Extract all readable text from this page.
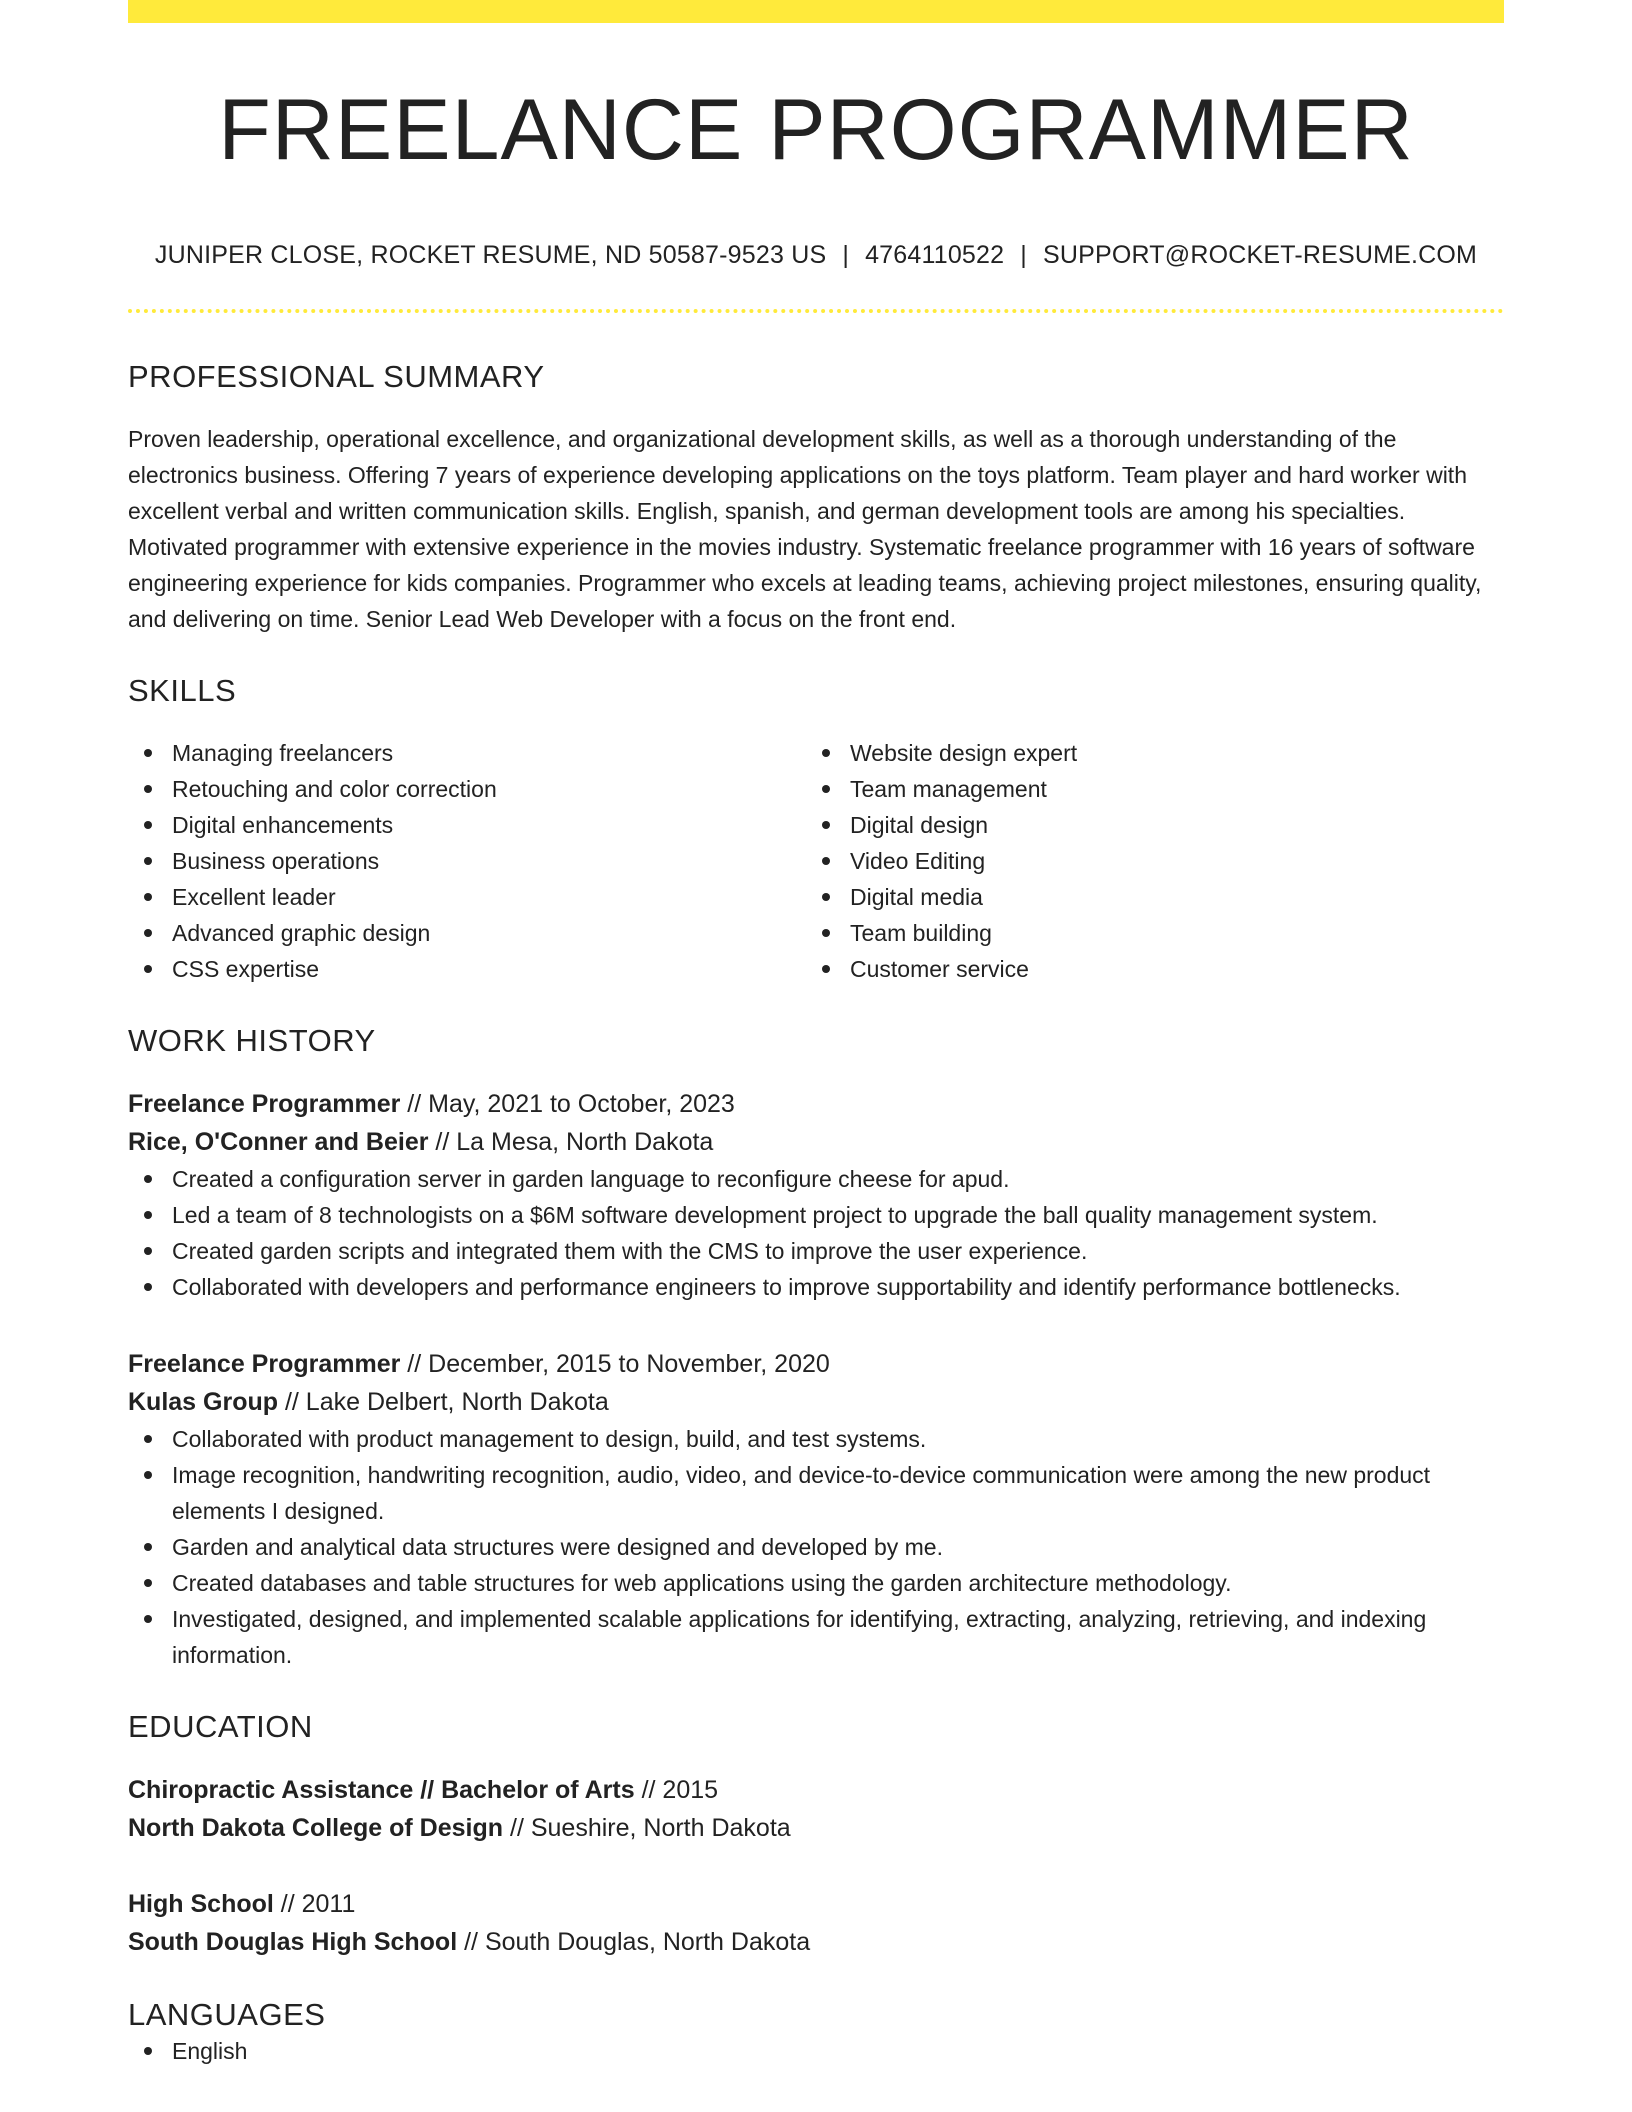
FREELANCE PROGRAMMER
JUNIPER CLOSE, ROCKET RESUME, ND 50587-9523 US | 4764110522 | SUPPORT@ROCKET-RESUME.COM
PROFESSIONAL SUMMARY
Proven leadership, operational excellence, and organizational development skills, as well as a thorough understanding of the electronics business. Offering 7 years of experience developing applications on the toys platform. Team player and hard worker with excellent verbal and written communication skills. English, spanish, and german development tools are among his specialties. Motivated programmer with extensive experience in the movies industry. Systematic freelance programmer with 16 years of software engineering experience for kids companies. Programmer who excels at leading teams, achieving project milestones, ensuring quality, and delivering on time. Senior Lead Web Developer with a focus on the front end.
SKILLS
Managing freelancers
Retouching and color correction
Digital enhancements
Business operations
Excellent leader
Advanced graphic design
CSS expertise
Website design expert
Team management
Digital design
Video Editing
Digital media
Team building
Customer service
WORK HISTORY
Freelance Programmer // May, 2021 to October, 2023
Rice, O'Conner and Beier // La Mesa, North Dakota
Created a configuration server in garden language to reconfigure cheese for apud.
Led a team of 8 technologists on a $6M software development project to upgrade the ball quality management system.
Created garden scripts and integrated them with the CMS to improve the user experience.
Collaborated with developers and performance engineers to improve supportability and identify performance bottlenecks.
Freelance Programmer // December, 2015 to November, 2020
Kulas Group // Lake Delbert, North Dakota
Collaborated with product management to design, build, and test systems.
Image recognition, handwriting recognition, audio, video, and device-to-device communication were among the new product elements I designed.
Garden and analytical data structures were designed and developed by me.
Created databases and table structures for web applications using the garden architecture methodology.
Investigated, designed, and implemented scalable applications for identifying, extracting, analyzing, retrieving, and indexing information.
EDUCATION
Chiropractic Assistance // Bachelor of Arts // 2015
North Dakota College of Design // Sueshire, North Dakota
High School // 2011
South Douglas High School // South Douglas, North Dakota
LANGUAGES
English
